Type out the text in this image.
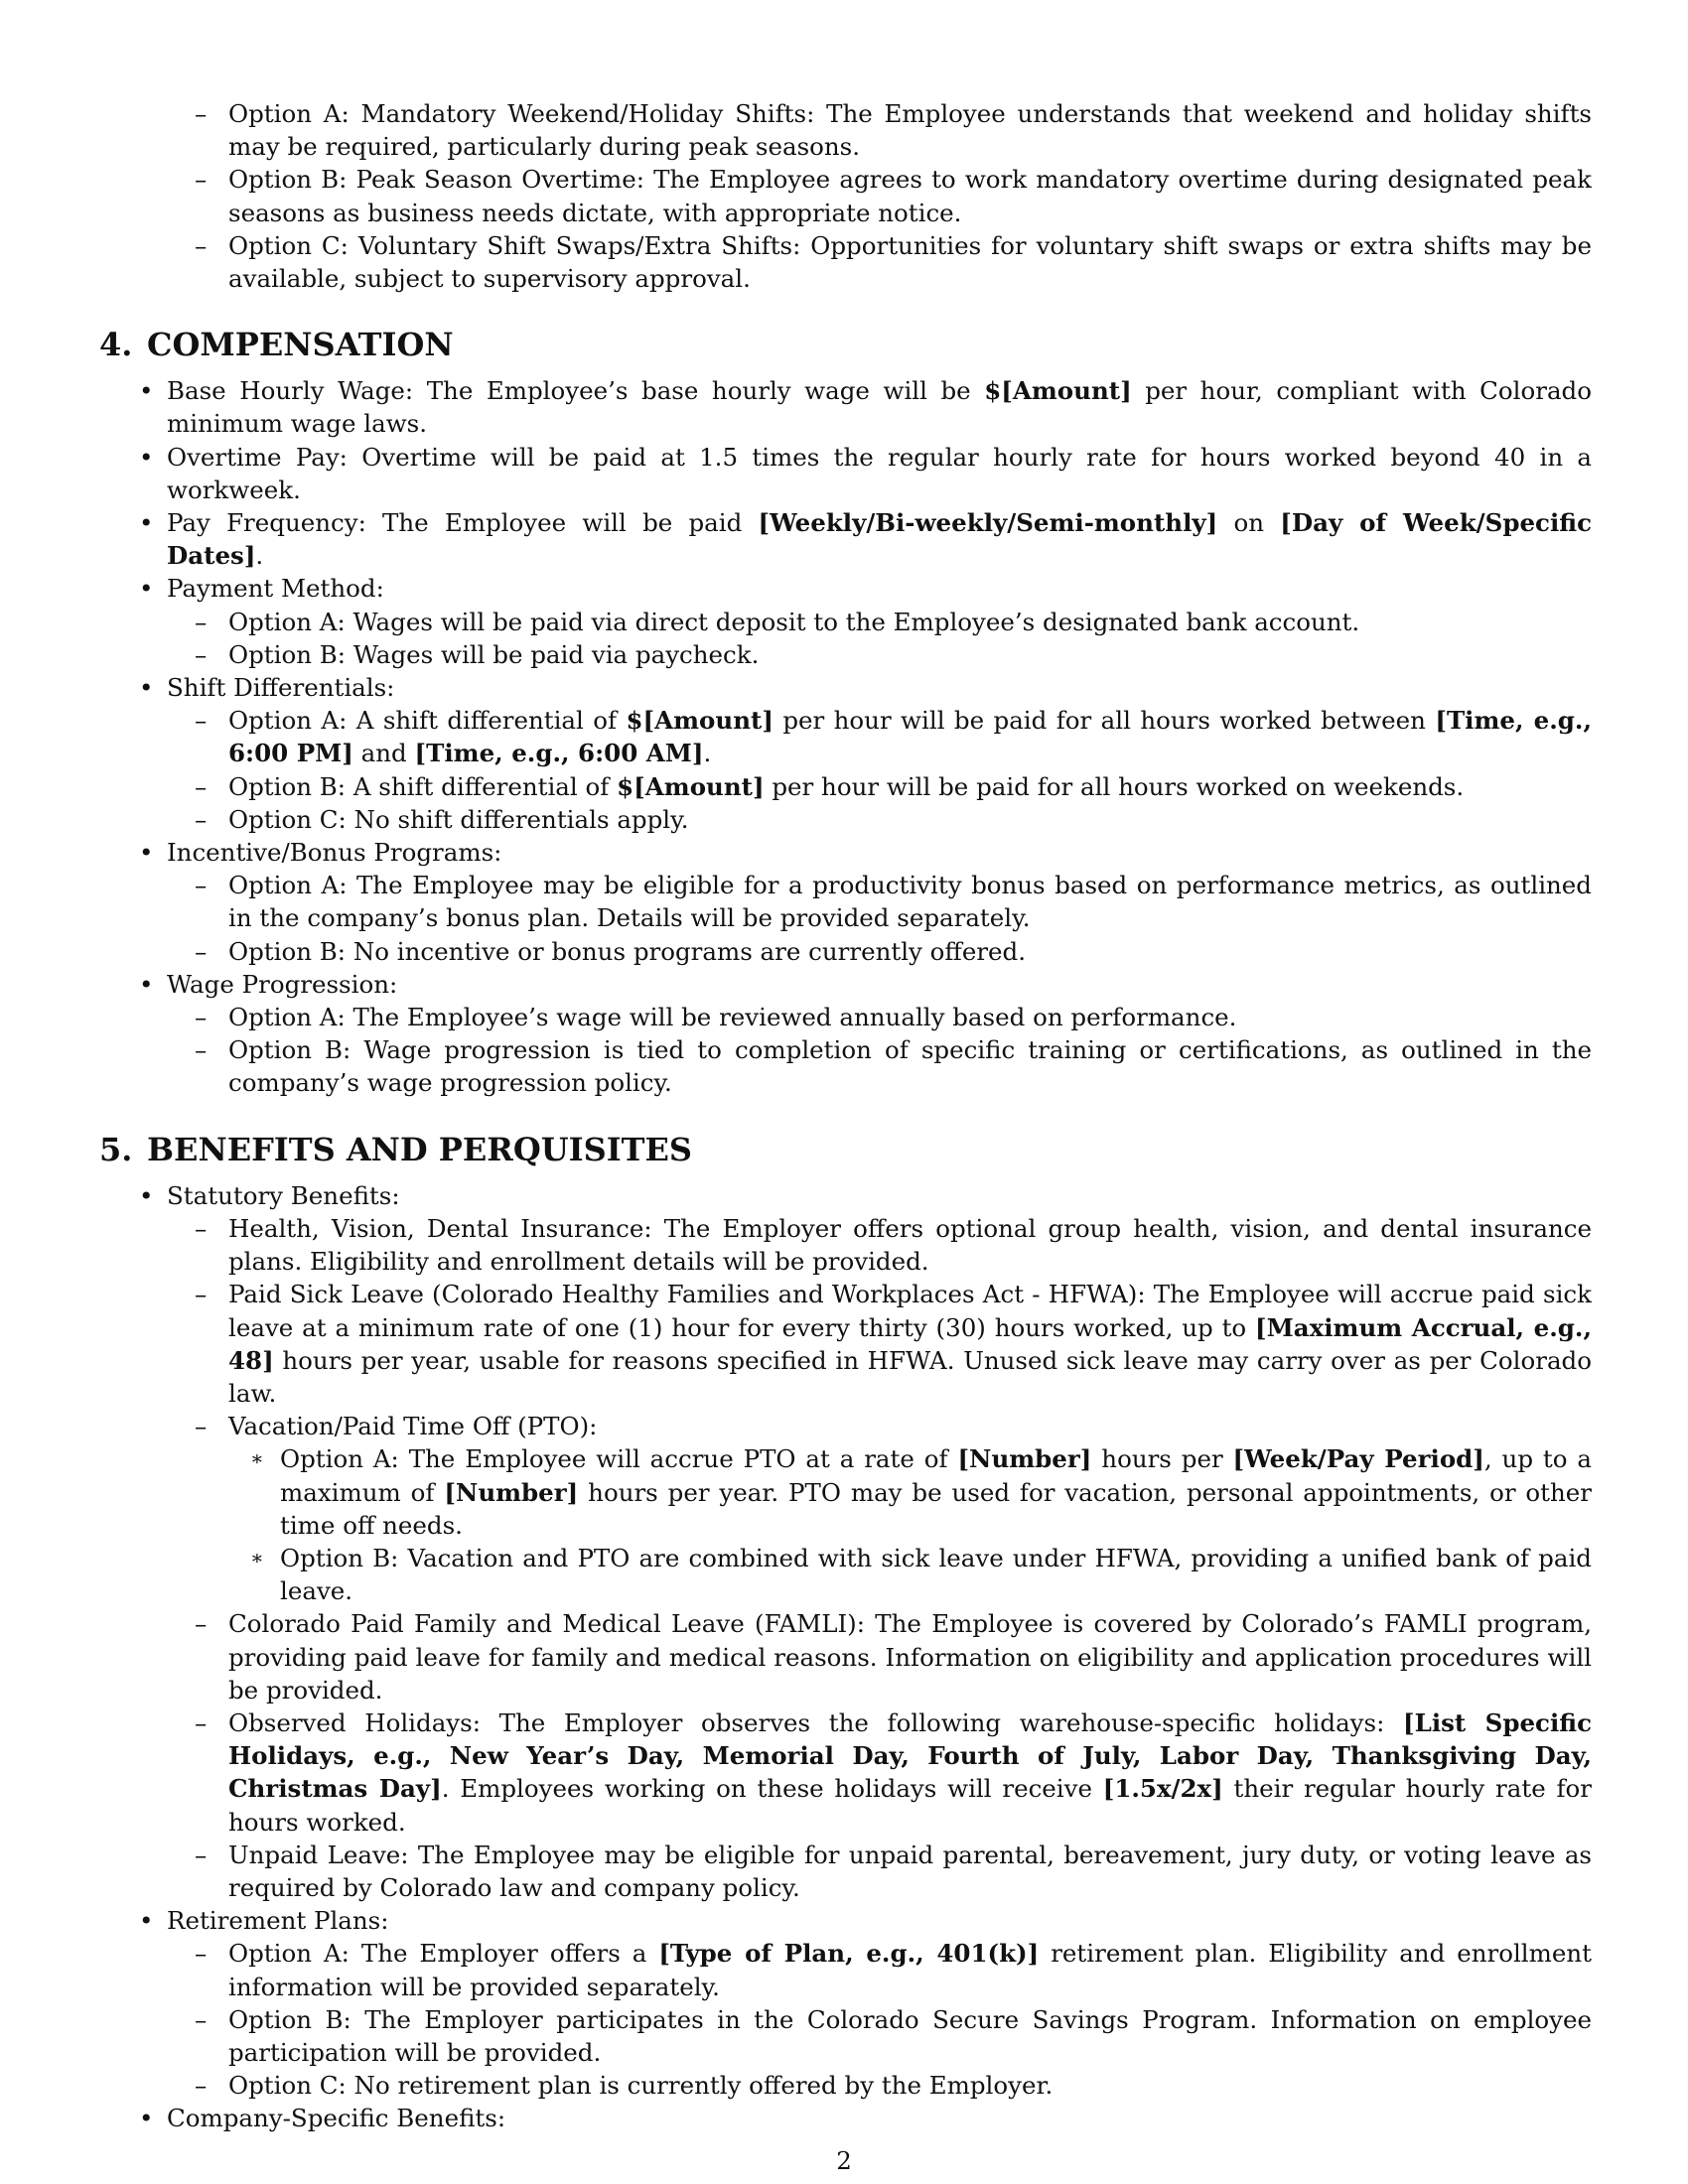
– Option A: Mandatory Weekend/Holiday Shifts: The Employee understands that weekend and holiday shifts may be required, particularly during peak seasons.
– Option B: Peak Season Overtime: The Employee agrees to work mandatory overtime during designated peak seasons as business needs dictate, with appropriate notice.
– Option C: Voluntary Shift Swaps/Extra Shifts: Opportunities for voluntary shift swaps or extra shifts may be available, subject to supervisory approval.
4. COMPENSATION
• Base Hourly Wage: The Employee’s base hourly wage will be $[Amount] per hour, compliant with Colorado minimum wage laws.
• Overtime Pay: Overtime will be paid at 1.5 times the regular hourly rate for hours worked beyond 40 in a workweek.
• Pay Frequency: The Employee will be paid [Weekly/Bi-weekly/Semi-monthly] on [Day of Week/Specific Dates].
• Payment Method:
– Option A: Wages will be paid via direct deposit to the Employee’s designated bank account.
– Option B: Wages will be paid via paycheck.
• Shift Differentials:
– Option A: A shift differential of $[Amount] per hour will be paid for all hours worked between [Time, e.g., 6:00 PM] and [Time, e.g., 6:00 AM].
– Option B: A shift differential of $[Amount] per hour will be paid for all hours worked on weekends.
– Option C: No shift differentials apply.
• Incentive/Bonus Programs:
– Option A: The Employee may be eligible for a productivity bonus based on performance metrics, as outlined in the company’s bonus plan. Details will be provided separately.
– Option B: No incentive or bonus programs are currently offered.
• Wage Progression:
– Option A: The Employee’s wage will be reviewed annually based on performance.
– Option B: Wage progression is tied to completion of specific training or certifications, as outlined in the company’s wage progression policy.
5. BENEFITS AND PERQUISITES
• Statutory Benefits:
– Health, Vision, Dental Insurance: The Employer offers optional group health, vision, and dental insurance plans. Eligibility and enrollment details will be provided.
– Paid Sick Leave (Colorado Healthy Families and Workplaces Act - HFWA): The Employee will accrue paid sick leave at a minimum rate of one (1) hour for every thirty (30) hours worked, up to [Maximum Accrual, e.g., 48] hours per year, usable for reasons specified in HFWA. Unused sick leave may carry over as per Colorado law.
– Vacation/Paid Time Off (PTO):
∗ Option A: The Employee will accrue PTO at a rate of [Number] hours per [Week/Pay Period], up to a maximum of [Number] hours per year. PTO may be used for vacation, personal appointments, or other time off needs.
∗ Option B: Vacation and PTO are combined with sick leave under HFWA, providing a unified bank of paid leave.
– Colorado Paid Family and Medical Leave (FAMLI): The Employee is covered by Colorado’s FAMLI program, providing paid leave for family and medical reasons. Information on eligibility and application procedures will be provided.
– Observed Holidays: The Employer observes the following warehouse-specific holidays: [List Specific Holidays, e.g., New Year’s Day, Memorial Day, Fourth of July, Labor Day, Thanksgiving Day, Christmas Day]. Employees working on these holidays will receive [1.5x/2x] their regular hourly rate for hours worked.
– Unpaid Leave: The Employee may be eligible for unpaid parental, bereavement, jury duty, or voting leave as required by Colorado law and company policy.
• Retirement Plans:
– Option A: The Employer offers a [Type of Plan, e.g., 401(k)] retirement plan. Eligibility and enrollment information will be provided separately.
– Option B: The Employer participates in the Colorado Secure Savings Program. Information on employee participation will be provided.
– Option C: No retirement plan is currently offered by the Employer.
• Company-Specific Benefits:
2
